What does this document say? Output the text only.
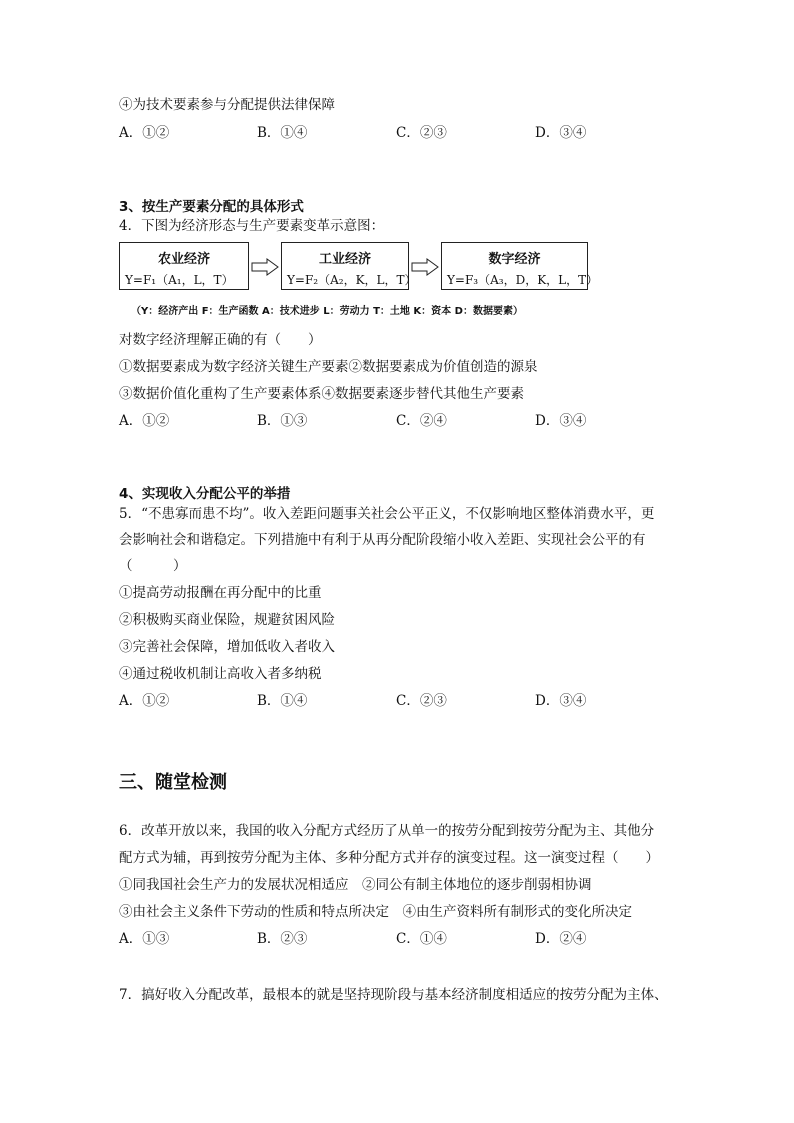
④为技术要素参与分配提供法律保障
A．①②	B．①④	C．②③	D．③④
3、按生产要素分配的具体形式
4．下图为经济形态与生产要素变革示意图：
农业经济
Y=F₁（A₁，L，T）
工业经济
Y=F₂（A₂，K，L，T）
数字经济
Y=F₃（A₃，D，K，L，T）
（Y：经济产出 F：生产函数 A：技术进步 L：劳动力 T：土地 K：资本 D：数据要素）
对数字经济理解正确的有（　　）
①数据要素成为数字经济关键生产要素②数据要素成为价值创造的源泉
③数据价值化重构了生产要素体系④数据要素逐步替代其他生产要素
A．①②	B．①③	C．②④	D．③④
4、实现收入分配公平的举措
5．“不患寡而患不均”。收入差距问题事关社会公平正义，不仅影响地区整体消费水平，更
会影响社会和谐稳定。下列措施中有利于从再分配阶段缩小收入差距、实现社会公平的有
（　　　）
①提高劳动报酬在再分配中的比重
②积极购买商业保险，规避贫困风险
③完善社会保障，增加低收入者收入
④通过税收机制让高收入者多纳税
A．①②	B．①④	C．②③	D．③④
三、随堂检测
6．改革开放以来，我国的收入分配方式经历了从单一的按劳分配到按劳分配为主、其他分
配方式为辅，再到按劳分配为主体、多种分配方式并存的演变过程。这一演变过程（　　）
①同我国社会生产力的发展状况相适应　②同公有制主体地位的逐步削弱相协调
③由社会主义条件下劳动的性质和特点所决定　④由生产资料所有制形式的变化所决定
A．①③	B．②③	C．①④	D．②④
7．搞好收入分配改革，最根本的就是坚持现阶段与基本经济制度相适应的按劳分配为主体、
